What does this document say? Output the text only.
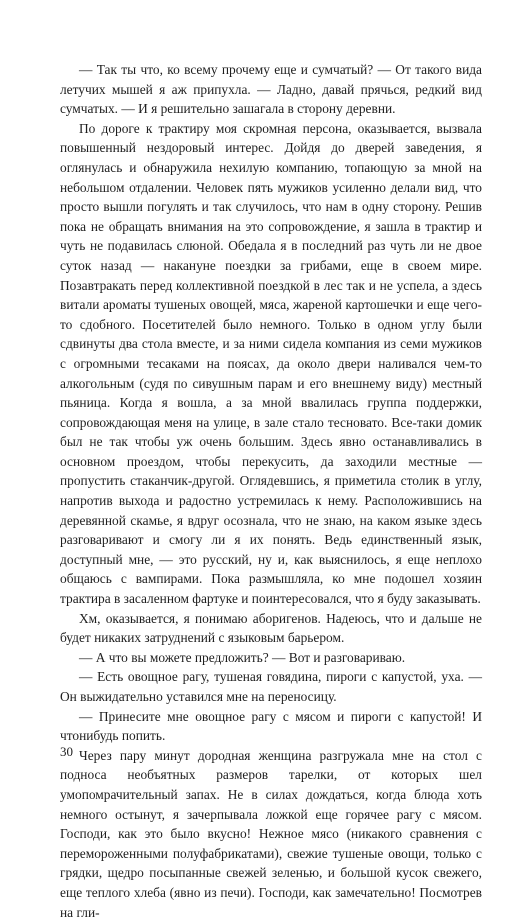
— Так ты что, ко всему прочему еще и сумчатый? — От такого вида летучих мышей я аж припухла. — Ладно, давай прячься, редкий вид сумчатых. — И я решительно зашагала в сторону деревни.

По дороге к трактиру моя скромная персона, оказывается, вызвала повышенный нездоровый интерес. Дойдя до дверей заведения, я оглянулась и обнаружила нехилую компанию, топающую за мной на небольшом отдалении. Человек пять мужиков усиленно делали вид, что просто вышли погулять и так случилось, что нам в одну сторону. Решив пока не обращать внимания на это сопровождение, я зашла в трактир и чуть не подавилась слюной. Обедала я в последний раз чуть ли не двое суток назад — накануне поездки за грибами, еще в своем мире. Позавтракать перед коллективной поездкой в лес так и не успела, а здесь витали ароматы тушеных овощей, мяса, жареной картошечки и еще чего-то сдобного. Посетителей было немного. Только в одном углу были сдвинуты два стола вместе, и за ними сидела компания из семи мужиков с огромными тесаками на поясах, да около двери наливался чем-то алкогольным (судя по сивушным парам и его внешнему виду) местный пьяница. Когда я вошла, а за мной ввалилась группа поддержки, сопровождающая меня на улице, в зале стало тесновато. Все-таки домик был не так чтобы уж очень большим. Здесь явно останавливались в основном проездом, чтобы перекусить, да заходили местные — пропустить стаканчик-другой. Оглядевшись, я приметила столик в углу, напротив выхода и радостно устремилась к нему. Расположившись на деревянной скамье, я вдруг осознала, что не знаю, на каком языке здесь разговаривают и смогу ли я их понять. Ведь единственный язык, доступный мне, — это русский, ну и, как выяснилось, я еще неплохо общаюсь с вампирами. Пока размышляла, ко мне подошел хозяин трактира в засаленном фартуке и поинтересовался, что я буду заказывать.

Хм, оказывается, я понимаю аборигенов. Надеюсь, что и дальше не будет никаких затруднений с языковым барьером.

— А что вы можете предложить? — Вот и разговариваю.

— Есть овощное рагу, тушеная говядина, пироги с капустой, уха. — Он выжидательно уставился мне на переносицу.

— Принесите мне овощное рагу с мясом и пироги с капустой! И чтонибудь попить.

Через пару минут дородная женщина разгружала мне на стол с подноса необъятных размеров тарелки, от которых шел умопомрачительный запах. Не в силах дождаться, когда блюда хоть немного остынут, я зачерпывала ложкой еще горячее рагу с мясом. Господи, как это было вкусно! Нежное мясо (никакого сравнения с перемороженными полуфабрикатами), свежие тушеные овощи, только с грядки, щедро посыпанные свежей зеленью, и большой кусок свежего, еще теплого хлеба (явно из печи). Господи, как замечательно! Посмотрев на гли-

30
